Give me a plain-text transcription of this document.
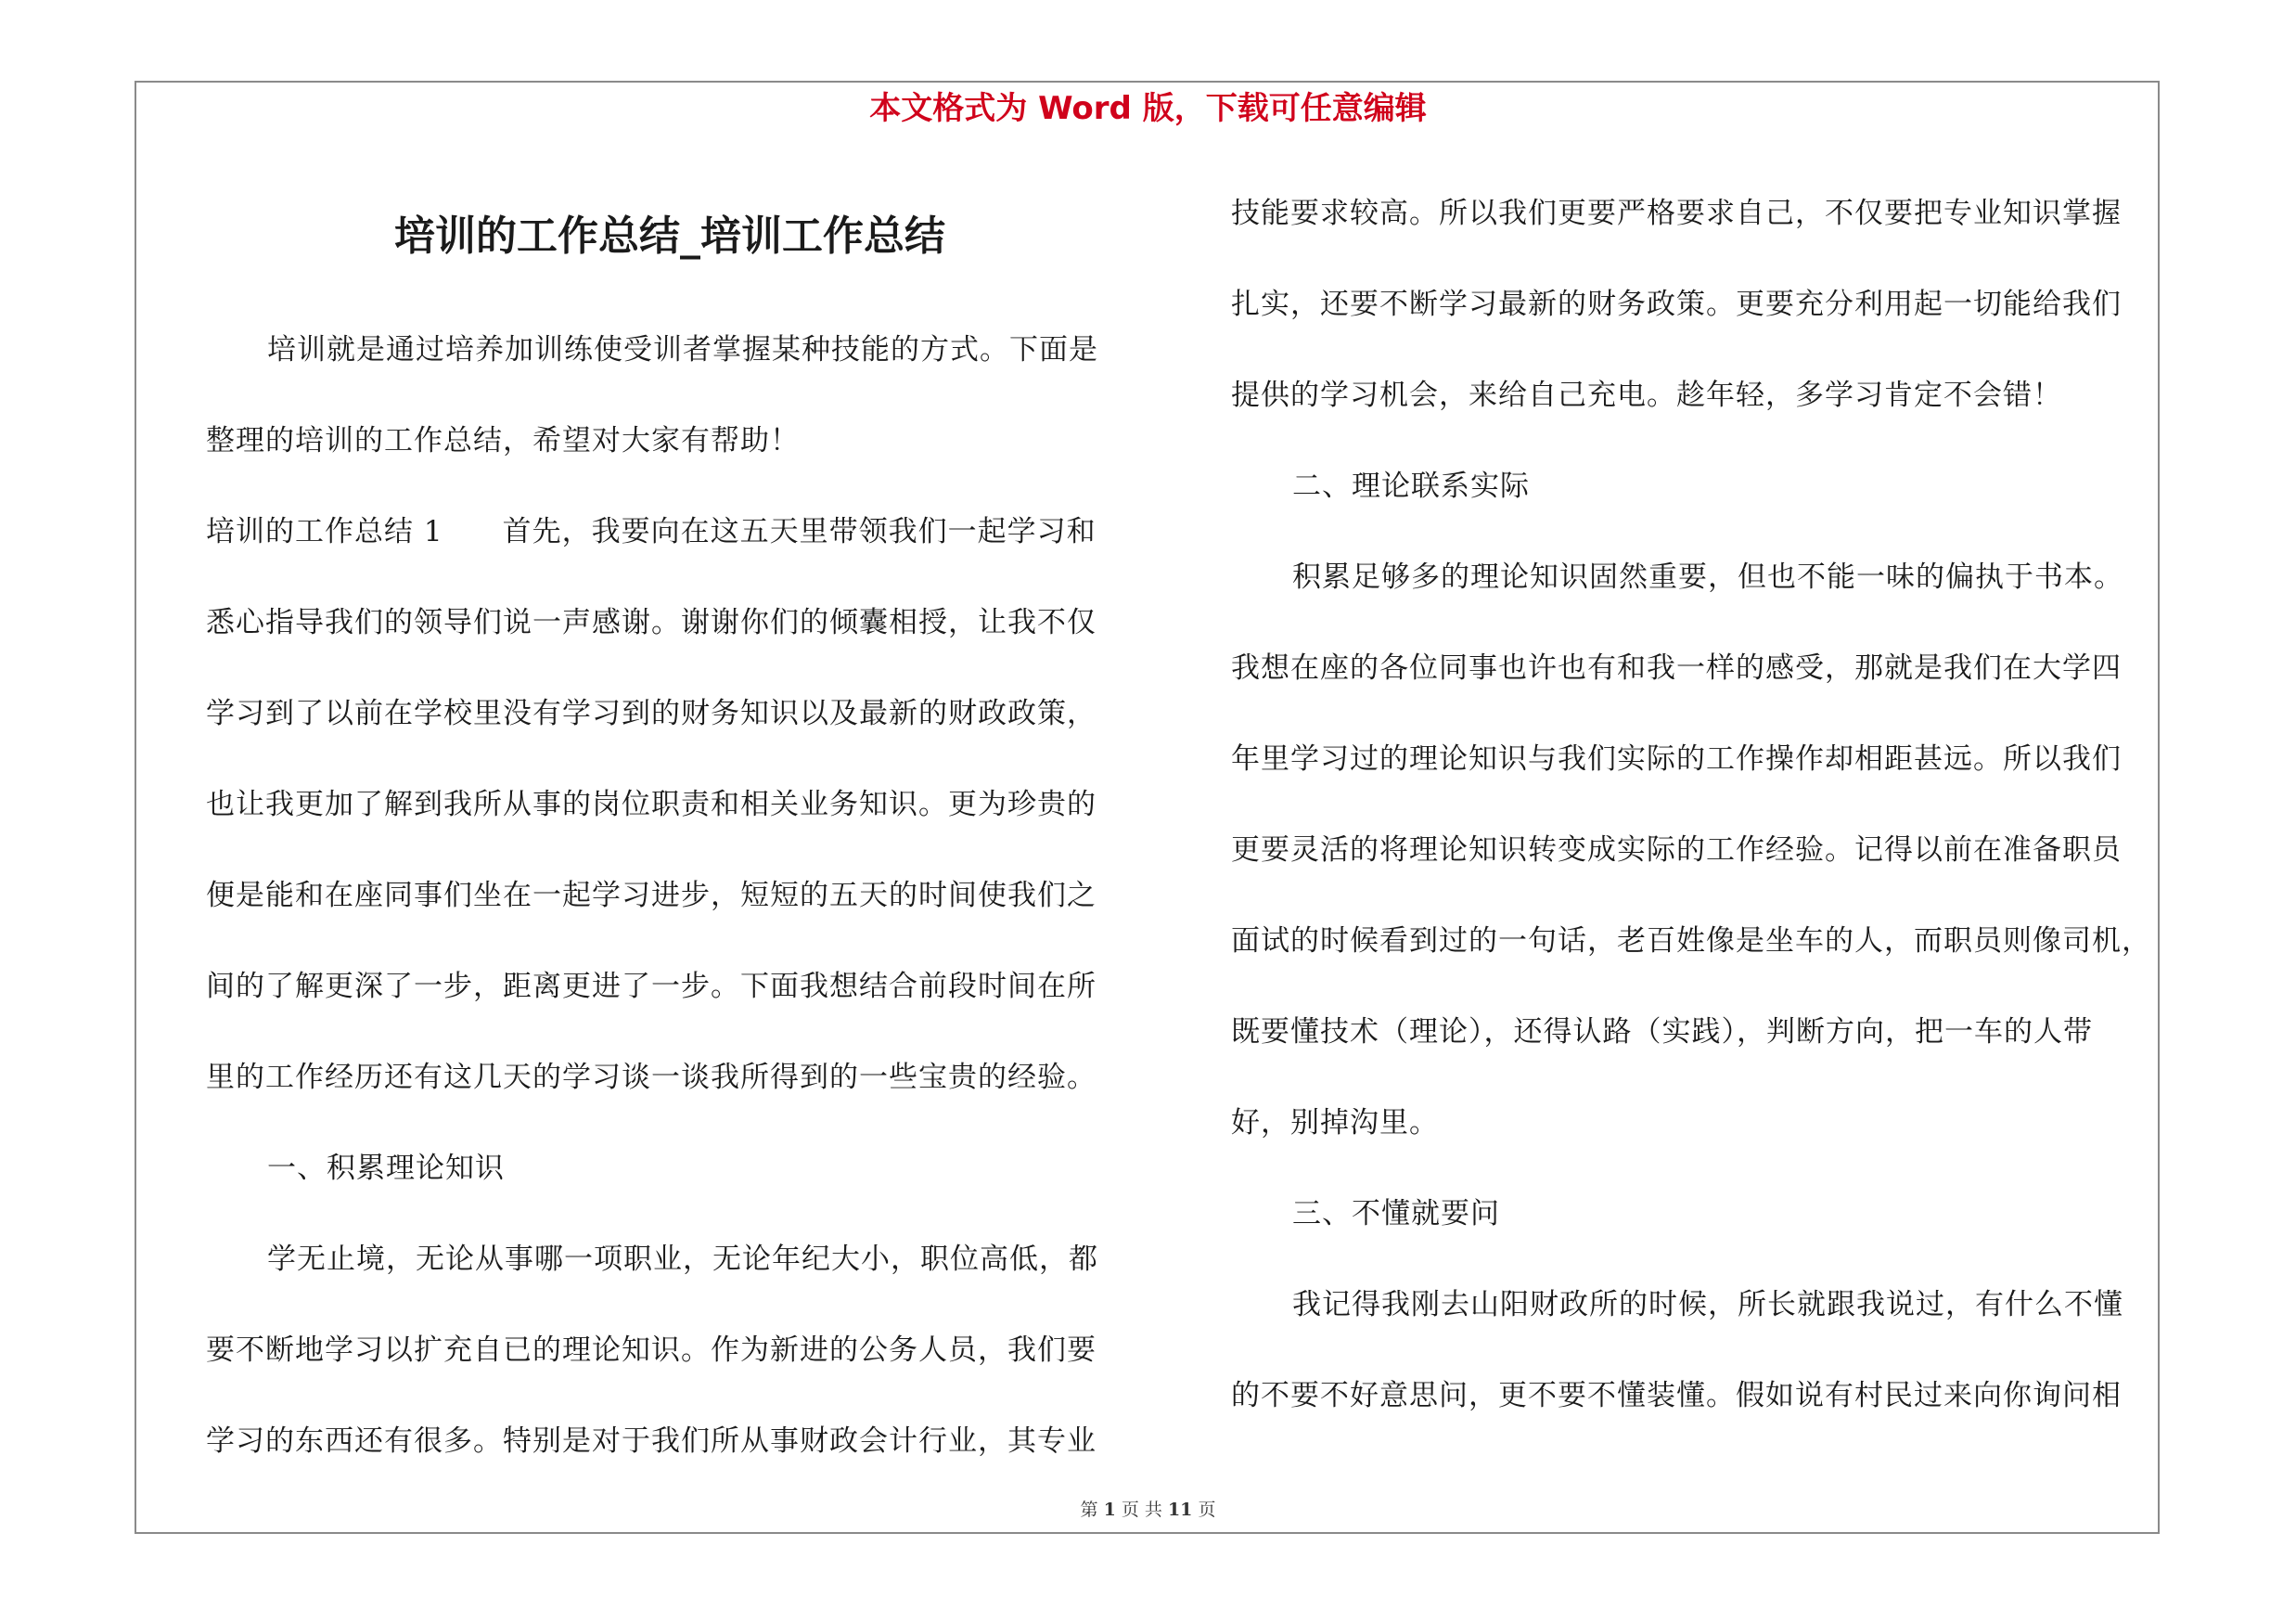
本文格式为 Word 版，下载可任意编辑
培训的工作总结_培训工作总结
培训就是通过培养加训练使受训者掌握某种技能的方式。下面是
整理的培训的工作总结，希望对大家有帮助！
培训的工作总结 1　　首先，我要向在这五天里带领我们一起学习和
悉心指导我们的领导们说一声感谢。谢谢你们的倾囊相授，让我不仅
学习到了以前在学校里没有学习到的财务知识以及最新的财政政策，
也让我更加了解到我所从事的岗位职责和相关业务知识。更为珍贵的
便是能和在座同事们坐在一起学习进步，短短的五天的时间使我们之
间的了解更深了一步，距离更进了一步。下面我想结合前段时间在所
里的工作经历还有这几天的学习谈一谈我所得到的一些宝贵的经验。
一、积累理论知识
学无止境，无论从事哪一项职业，无论年纪大小，职位高低，都
要不断地学习以扩充自已的理论知识。作为新进的公务人员，我们要
学习的东西还有很多。特别是对于我们所从事财政会计行业，其专业
技能要求较高。所以我们更要严格要求自己，不仅要把专业知识掌握
扎实，还要不断学习最新的财务政策。更要充分利用起一切能给我们
提供的学习机会，来给自己充电。趁年轻，多学习肯定不会错！
二、理论联系实际
积累足够多的理论知识固然重要，但也不能一味的偏执于书本。
我想在座的各位同事也许也有和我一样的感受，那就是我们在大学四
年里学习过的理论知识与我们实际的工作操作却相距甚远。所以我们
更要灵活的将理论知识转变成实际的工作经验。记得以前在准备职员
面试的时候看到过的一句话，老百姓像是坐车的人，而职员则像司机，
既要懂技术（理论），还得认路（实践），判断方向，把一车的人带
好，别掉沟里。
三、不懂就要问
我记得我刚去山阳财政所的时候，所长就跟我说过，有什么不懂
的不要不好意思问，更不要不懂装懂。假如说有村民过来向你询问相
第 1 页 共 11 页
